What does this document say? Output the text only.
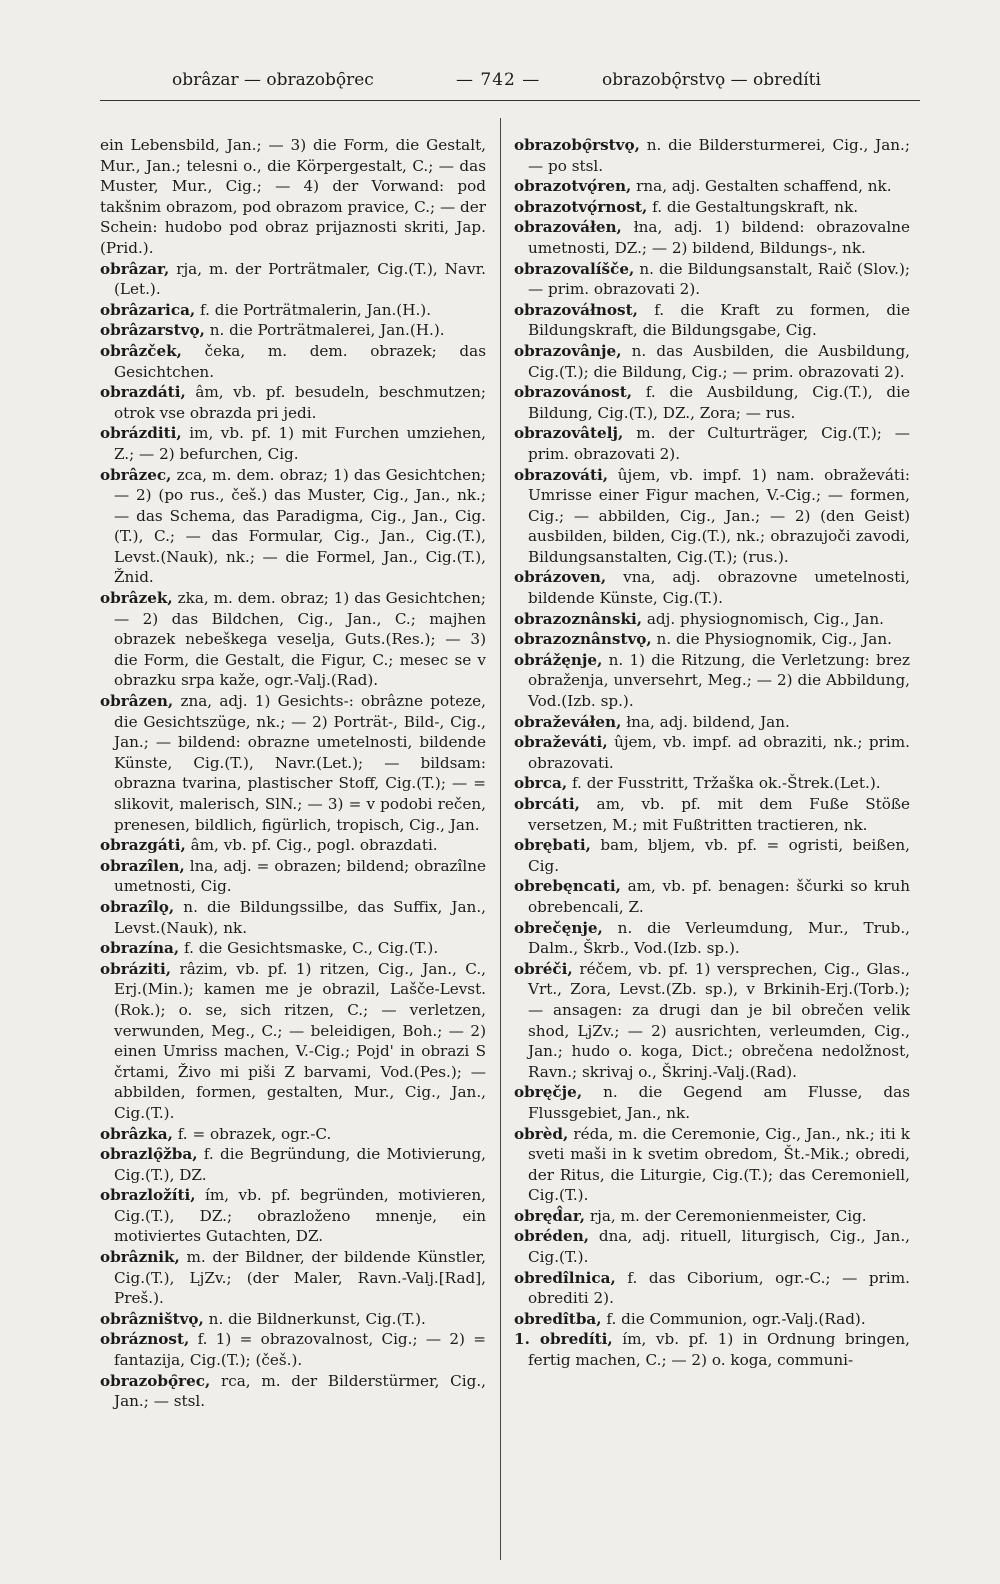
obrâzar — obrazobǫ̑rec	— 742 —	obrazobǫ̑rstvǫ — obredíti

ein Lebensbild, Jan.; — 3) die Form, die Gestalt, Mur., Jan.; telesni o., die Körpergestalt, C.; — das Muster, Mur., Cig.; — 4) der Vorwand: pod takšnim obrazom, pod obrazom pravice, C.; — der Schein: hudobo pod obraz prijaznosti skriti, Jap.(Prid.).

obrâzar, rja, m. der Porträtmaler, Cig.(T.), Navr.(Let.).

obrâzarica, f. die Porträtmalerin, Jan.(H.).

obrâzarstvǫ, n. die Porträtmalerei, Jan.(H.).

obrâzček, čeka, m. dem. obrazek; das Gesichtchen.

obrazdáti, âm, vb. pf. besudeln, beschmutzen; otrok vse obrazda pri jedi.

obrázditi, im, vb. pf. 1) mit Furchen umziehen, Z.; — 2) befurchen, Cig.

obrâzec, zca, m. dem. obraz; 1) das Gesichtchen; — 2) (po rus., češ.) das Muster, Cig., Jan., nk.; — das Schema, das Paradigma, Cig., Jan., Cig.(T.), C.; — das Formular, Cig., Jan., Cig.(T.), Levst.(Nauk), nk.; — die Formel, Jan., Cig.(T.), Žnid.

obrâzek, zka, m. dem. obraz; 1) das Gesichtchen; — 2) das Bildchen, Cig., Jan., C.; majhen obrazek nebeškega veselja, Guts.(Res.); — 3) die Form, die Gestalt, die Figur, C.; mesec se v obrazku srpa kaže, ogr.-Valj.(Rad).

obrâzen, zna, adj. 1) Gesichts-: obrâzne poteze, die Gesichtszüge, nk.; — 2) Porträt-, Bild-, Cig., Jan.; — bildend: obrazne umetelnosti, bildende Künste, Cig.(T.), Navr.(Let.); — bildsam: obrazna tvarina, plastischer Stoff, Cig.(T.); — = slikovit, malerisch, SlN.; — 3) = v podobi rečen, prenesen, bildlich, figürlich, tropisch, Cig., Jan.

obrazgáti, âm, vb. pf. Cig., pogl. obrazdati.

obrazîlen, lna, adj. = obrazen; bildend; obrazîlne umetnosti, Cig.

obrazîlǫ, n. die Bildungssilbe, das Suffix, Jan., Levst.(Nauk), nk.

obrazína, f. die Gesichtsmaske, C., Cig.(T.).

obráziti, râzim, vb. pf. 1) ritzen, Cig., Jan., C., Erj.(Min.); kamen me je obrazil, Lašče-Levst.(Rok.); o. se, sich ritzen, C.; — verletzen, verwunden, Meg., C.; — beleidigen, Boh.; — 2) einen Umriss machen, V.-Cig.; Pojd' in obrazi S črtami, Živo mi piši Z barvami, Vod.(Pes.); — abbilden, formen, gestalten, Mur., Cig., Jan., Cig.(T.).

obrâzka, f. = obrazek, ogr.-C.

obrazlǫ̑žba, f. die Begründung, die Motivierung, Cig.(T.), DZ.

obrazložíti, ím, vb. pf. begründen, motivieren, Cig.(T.), DZ.; obrazloženo mnenje, ein motiviertes Gutachten, DZ.

obrâznik, m. der Bildner, der bildende Künstler, Cig.(T.), LjZv.; (der Maler, Ravn.-Valj.[Rad], Preš.).

obrâzništvǫ, n. die Bildnerkunst, Cig.(T.).

obráznost, f. 1) = obrazovalnost, Cig.; — 2) = fantazija, Cig.(T.); (češ.).

obrazobǫ̑rec, rca, m. der Bilderstürmer, Cig., Jan.; — stsl.

obrazobǫ̑rstvǫ, n. die Bildersturmerei, Cig., Jan.; — po stsl.

obrazotvǫ́ren, rna, adj. Gestalten schaffend, nk.

obrazotvǫ́rnost, f. die Gestaltungskraft, nk.

obrazováłen, łna, adj. 1) bildend: obrazovalne umetnosti, DZ.; — 2) bildend, Bildungs-, nk.

obrazovalíšče, n. die Bildungsanstalt, Raič (Slov.); — prim. obrazovati 2).

obrazováłnost, f. die Kraft zu formen, die Bildungskraft, die Bildungsgabe, Cig.

obrazovânje, n. das Ausbilden, die Ausbildung, Cig.(T.); die Bildung, Cig.; — prim. obrazovati 2).

obrazovánost, f. die Ausbildung, Cig.(T.), die Bildung, Cig.(T.), DZ., Zora; — rus.

obrazovâtelj, m. der Culturträger, Cig.(T.); — prim. obrazovati 2).

obrazováti, ûjem, vb. impf. 1) nam. obraževáti: Umrisse einer Figur machen, V.-Cig.; — formen, Cig.; — abbilden, Cig., Jan.; — 2) (den Geist) ausbilden, bilden, Cig.(T.), nk.; obrazujoči zavodi, Bildungsanstalten, Cig.(T.); (rus.).

obrázoven, vna, adj. obrazovne umetelnosti, bildende Künste, Cig.(T.).

obrazoznânski, adj. physiognomisch, Cig., Jan.

obrazoznânstvǫ, n. die Physiognomik, Cig., Jan.

obrážęnje, n. 1) die Ritzung, die Verletzung: brez obraženja, unversehrt, Meg.; — 2) die Abbildung, Vod.(Izb. sp.).

obraževáłen, łna, adj. bildend, Jan.

obraževáti, ûjem, vb. impf. ad obraziti, nk.; prim. obrazovati.

obrca, f. der Fusstritt, Tržaška ok.-Štrek.(Let.).

obrcáti, am, vb. pf. mit dem Fuße Stöße versetzen, M.; mit Fußtritten tractieren, nk.

obrębati, bam, bljem, vb. pf. = ogristi, beißen, Cig.

obrebęncati, am, vb. pf. benagen: ščurki so kruh obrebencali, Z.

obrečęnje, n. die Verleumdung, Mur., Trub., Dalm., Škrb., Vod.(Izb. sp.).

obréči, réčem, vb. pf. 1) versprechen, Cig., Glas., Vrt., Zora, Levst.(Zb. sp.), v Brkinih-Erj.(Torb.); — ansagen: za drugi dan je bil obrečen velik shod, LjZv.; — 2) ausrichten, verleumden, Cig., Jan.; hudo o. koga, Dict.; obrečena nedolžnost, Ravn.; skrivaj o., Škrinj.-Valj.(Rad).

obręčje, n. die Gegend am Flusse, das Flussgebiet, Jan., nk.

obrèd, réda, m. die Ceremonie, Cig., Jan., nk.; iti k sveti maši in k svetim obredom, Št.-Mik.; obredi, der Ritus, die Liturgie, Cig.(T.); das Ceremoniell, Cig.(T.).

obręd̂ar, rja, m. der Ceremonienmeister, Cig.

obréden, dna, adj. rituell, liturgisch, Cig., Jan., Cig.(T.).

obredîlnica, f. das Ciborium, ogr.-C.; — prim. obrediti 2).

obredîtba, f. die Communion, ogr.-Valj.(Rad).

1. obredíti, ím, vb. pf. 1) in Ordnung bringen, fertig machen, C.; — 2) o. koga, communi-
